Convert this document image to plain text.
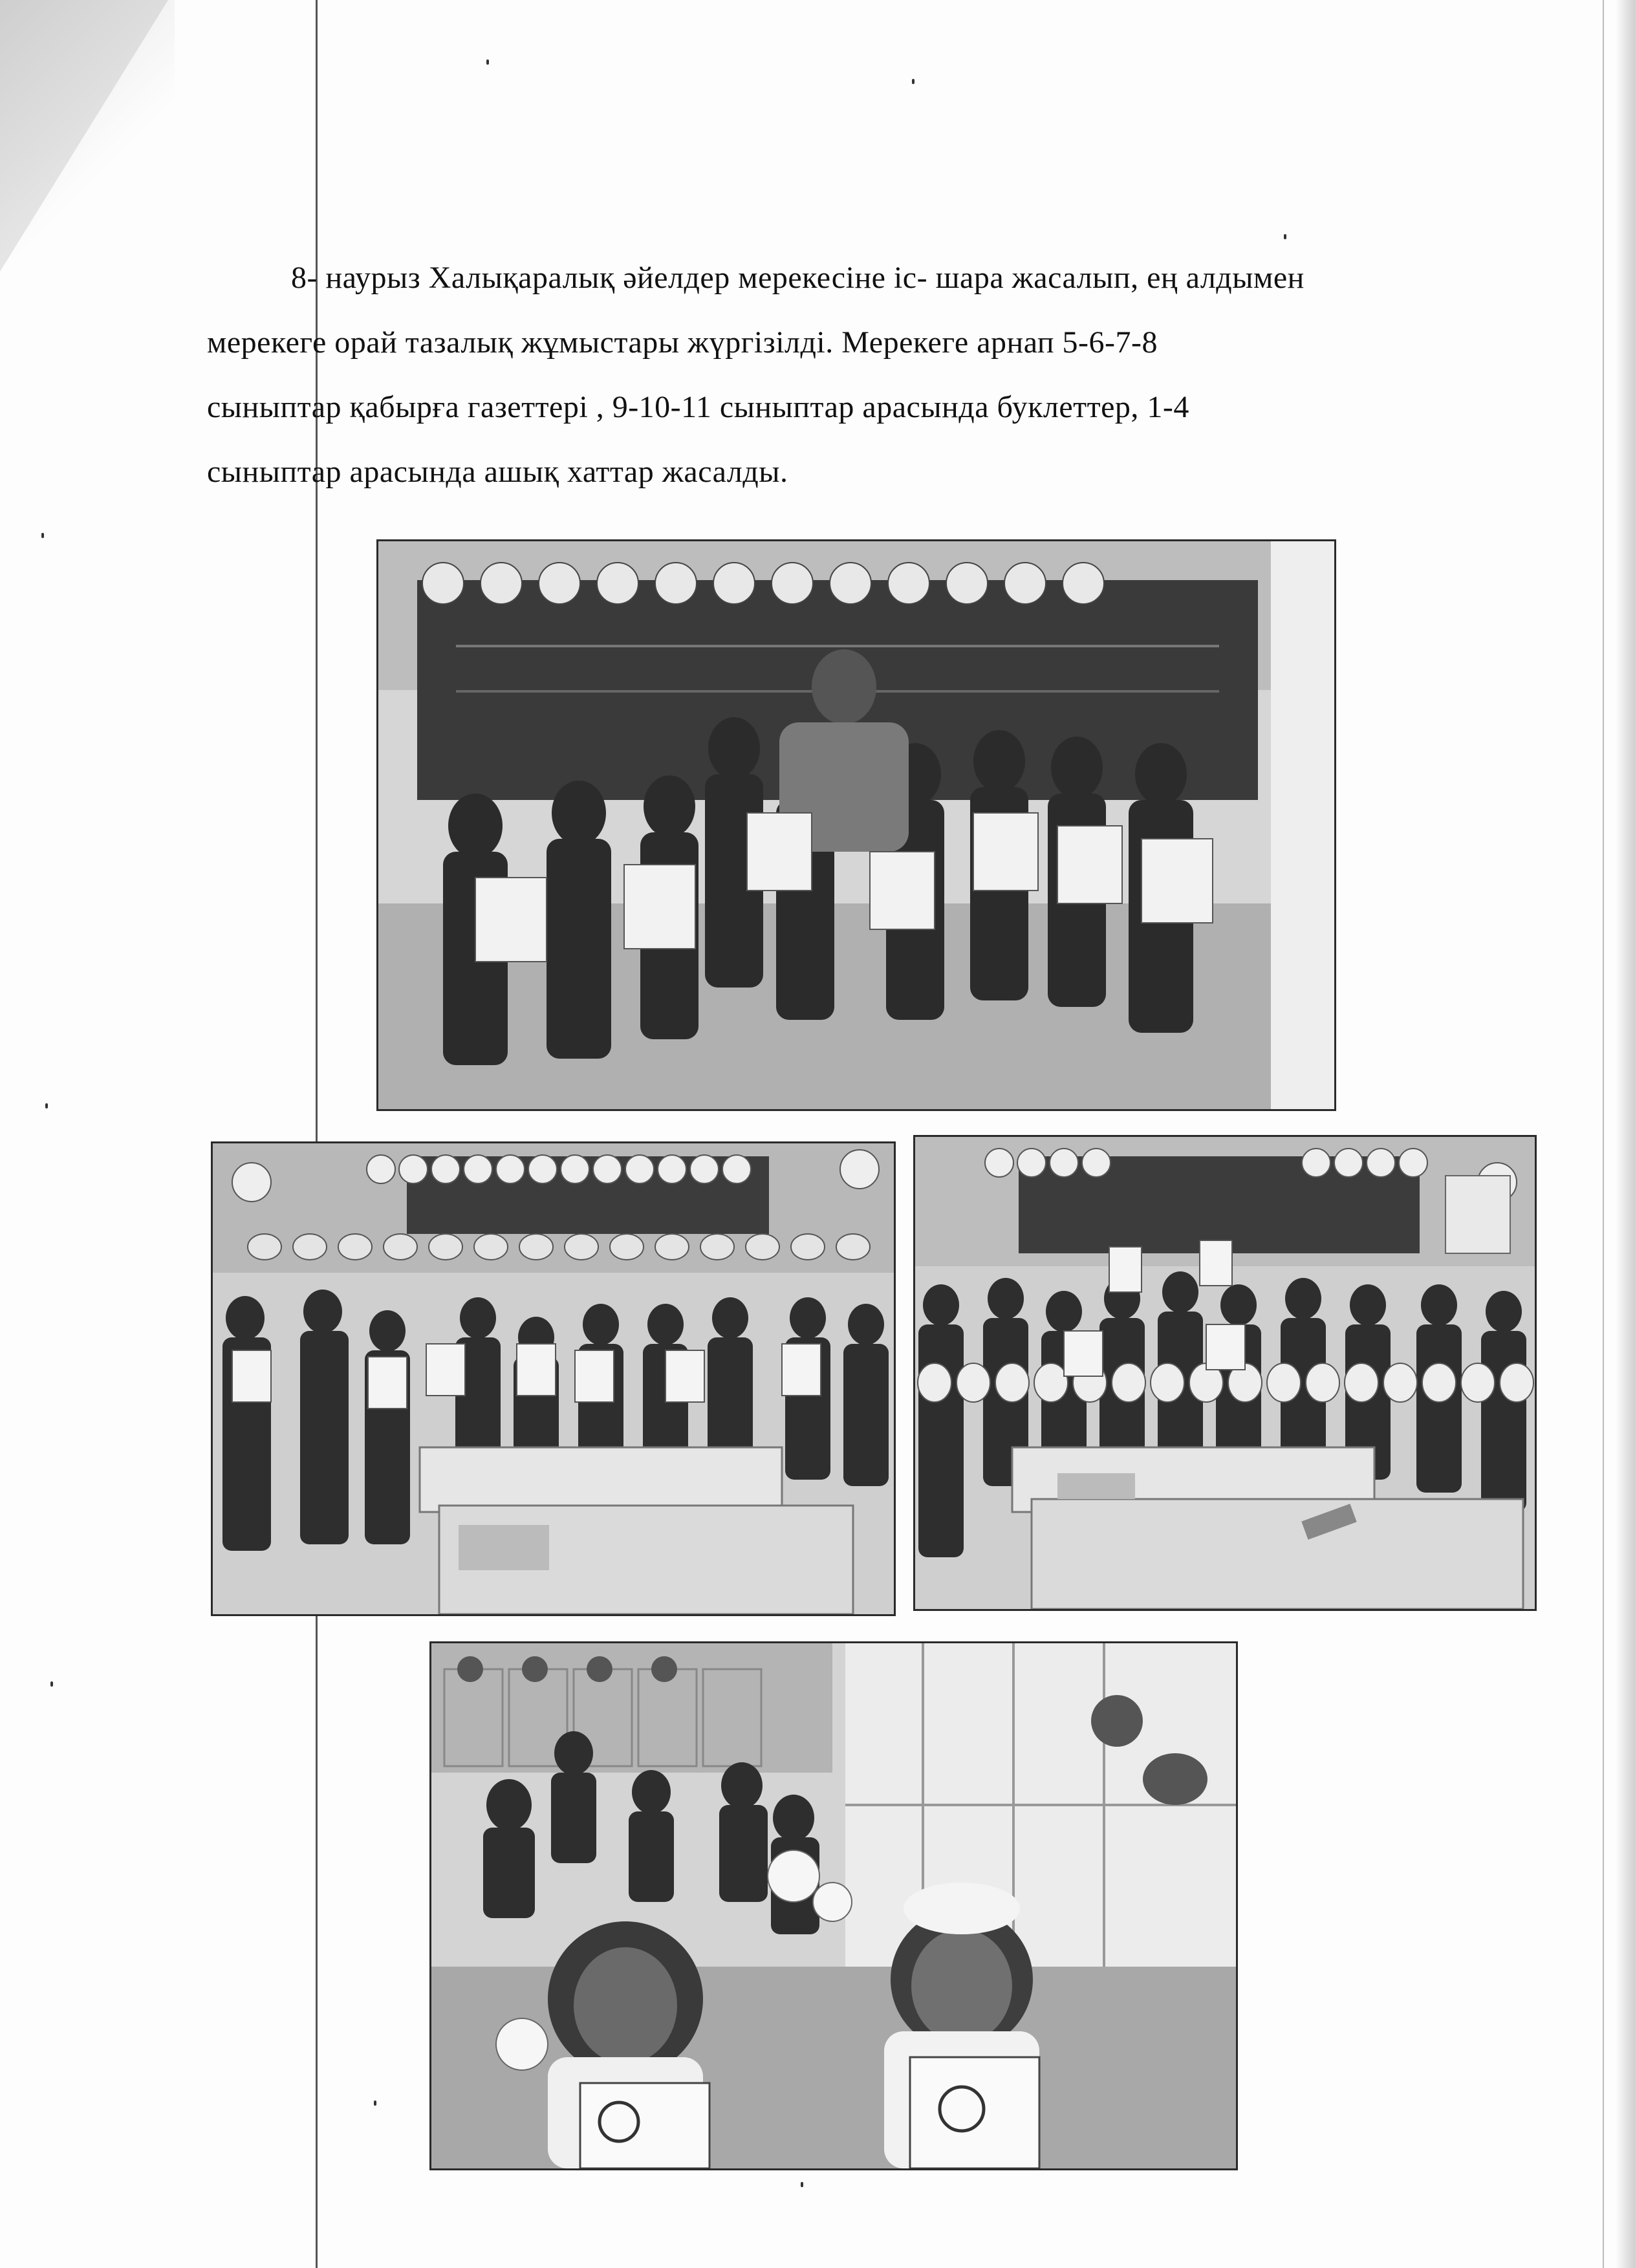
8- наурыз Халықаралық әйелдер мерекесіне іс- шара жасалып, ең алдымен

мерекеге орай тазалық жұмыстары жүргізілді. Мерекеге арнап 5-6-7-8

сыныптар қабырға газеттері , 9-10-11 сыныптар арасында буклеттер, 1-4

сыныптар арасында ашық хаттар жасалды.
